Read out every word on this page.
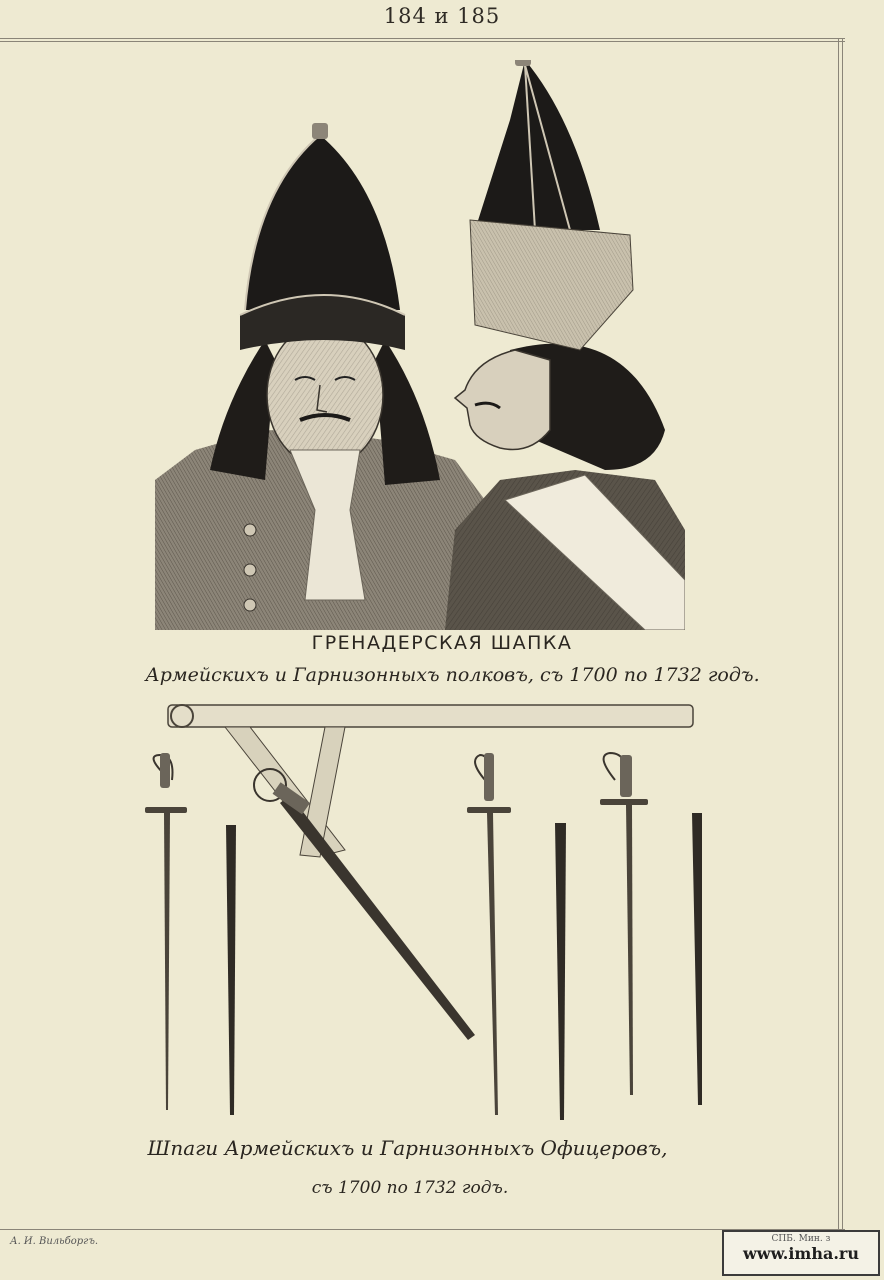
184 и 185
ГРЕНАДЕРСКАЯ ШАПКА
Армейскихъ и Гарнизонныхъ полковъ, съ 1700 по 1732 годъ.
Шпаги Армейскихъ и Гарнизонныхъ Офицеровъ,
съ 1700 по 1732 годъ.
А. И. Вильборгъ.	СПБ. Мин. з
www.imha.ru
